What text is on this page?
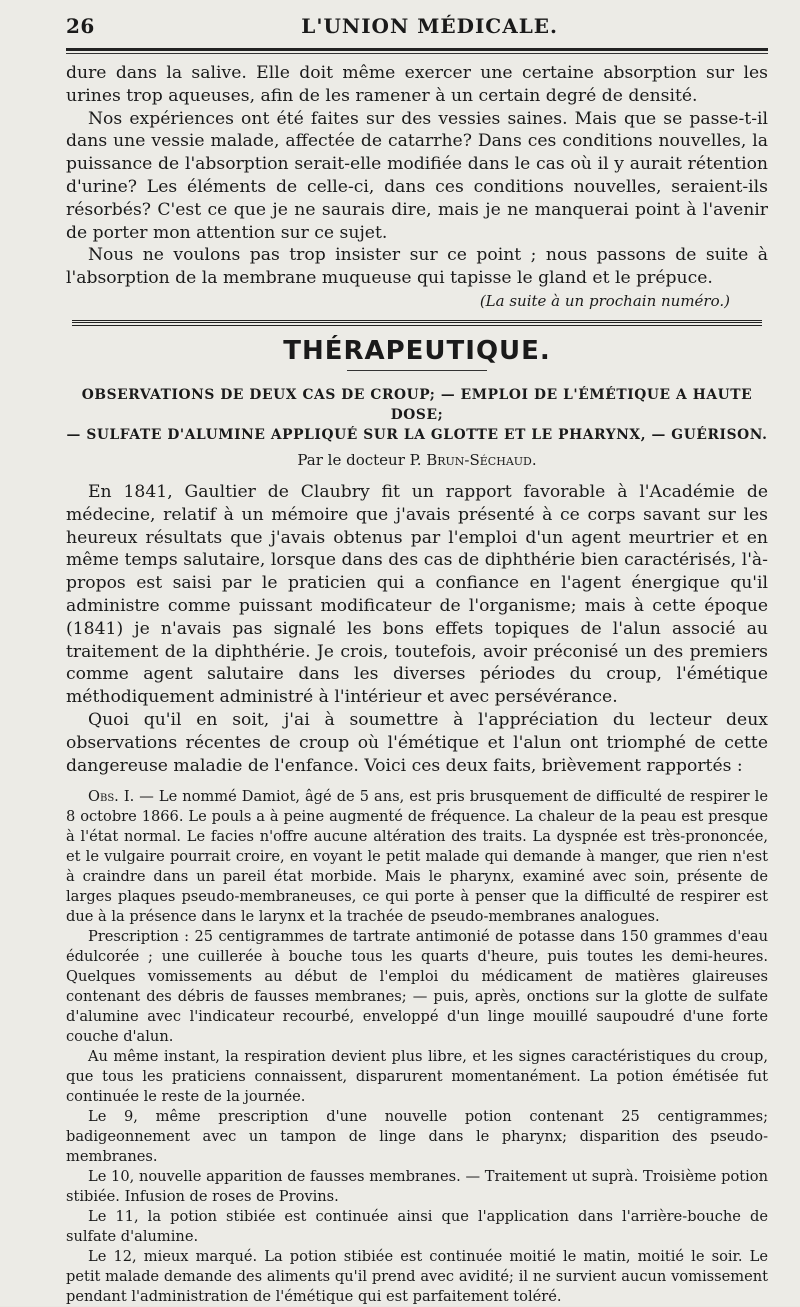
26	L'UNION MÉDICALE.

dure dans la salive. Elle doit même exercer une certaine absorption sur les urines trop aqueuses, afin de les ramener à un certain degré de densité.

Nos expériences ont été faites sur des vessies saines. Mais que se passe-t-il dans une vessie malade, affectée de catarrhe? Dans ces conditions nouvelles, la puissance de l'absorption serait-elle modifiée dans le cas où il y aurait rétention d'urine? Les éléments de celle-ci, dans ces conditions nouvelles, seraient-ils résorbés? C'est ce que je ne saurais dire, mais je ne manquerai point à l'avenir de porter mon attention sur ce sujet.

Nous ne voulons pas trop insister sur ce point ; nous passons de suite à l'absorption de la membrane muqueuse qui tapisse le gland et le prépuce.

(La suite à un prochain numéro.)
THÉRAPEUTIQUE.
OBSERVATIONS DE DEUX CAS DE CROUP; — EMPLOI DE L'ÉMÉTIQUE A HAUTE DOSE;
— SULFATE D'ALUMINE APPLIQUÉ SUR LA GLOTTE ET LE PHARYNX, — GUÉRISON.
Par le docteur P. Brun-Séchaud.

En 1841, Gaultier de Claubry fit un rapport favorable à l'Académie de médecine, relatif à un mémoire que j'avais présenté à ce corps savant sur les heureux résultats que j'avais obtenus par l'emploi d'un agent meurtrier et en même temps salutaire, lorsque dans des cas de diphthérie bien caractérisés, l'à-propos est saisi par le praticien qui a confiance en l'agent énergique qu'il administre comme puissant modificateur de l'organisme; mais à cette époque (1841) je n'avais pas signalé les bons effets topiques de l'alun associé au traitement de la diphthérie. Je crois, toutefois, avoir préconisé un des premiers comme agent salutaire dans les diverses périodes du croup, l'émétique méthodiquement administré à l'intérieur et avec persévérance.

Quoi qu'il en soit, j'ai à soumettre à l'appréciation du lecteur deux observations récentes de croup où l'émétique et l'alun ont triomphé de cette dangereuse maladie de l'enfance. Voici ces deux faits, brièvement rapportés :

Obs. I. — Le nommé Damiot, âgé de 5 ans, est pris brusquement de difficulté de respirer le 8 octobre 1866. Le pouls a à peine augmenté de fréquence. La chaleur de la peau est presque à l'état normal. Le facies n'offre aucune altération des traits. La dyspnée est très-prononcée, et le vulgaire pourrait croire, en voyant le petit malade qui demande à manger, que rien n'est à craindre dans un pareil état morbide. Mais le pharynx, examiné avec soin, présente de larges plaques pseudo-membraneuses, ce qui porte à penser que la difficulté de respirer est due à la présence dans le larynx et la trachée de pseudo-membranes analogues.

Prescription : 25 centigrammes de tartrate antimonié de potasse dans 150 grammes d'eau édulcorée ; une cuillerée à bouche tous les quarts d'heure, puis toutes les demi-heures. Quelques vomissements au début de l'emploi du médicament de matières glaireuses contenant des débris de fausses membranes; — puis, après, onctions sur la glotte de sulfate d'alumine avec l'indicateur recourbé, enveloppé d'un linge mouillé saupoudré d'une forte couche d'alun.

Au même instant, la respiration devient plus libre, et les signes caractéristiques du croup, que tous les praticiens connaissent, disparurent momentanément. La potion émétisée fut continuée le reste de la journée.

Le 9, même prescription d'une nouvelle potion contenant 25 centigrammes; badigeonnement avec un tampon de linge dans le pharynx; disparition des pseudo-membranes.

Le 10, nouvelle apparition de fausses membranes. — Traitement ut suprà. Troisième potion stibiée. Infusion de roses de Provins.

Le 11, la potion stibiée est continuée ainsi que l'application dans l'arrière-bouche de sulfate d'alumine.

Le 12, mieux marqué. La potion stibiée est continuée moitié le matin, moitié le soir. Le petit malade demande des aliments qu'il prend avec avidité; il ne survient aucun vomissement pendant l'administration de l'émétique qui est parfaitement toléré.
